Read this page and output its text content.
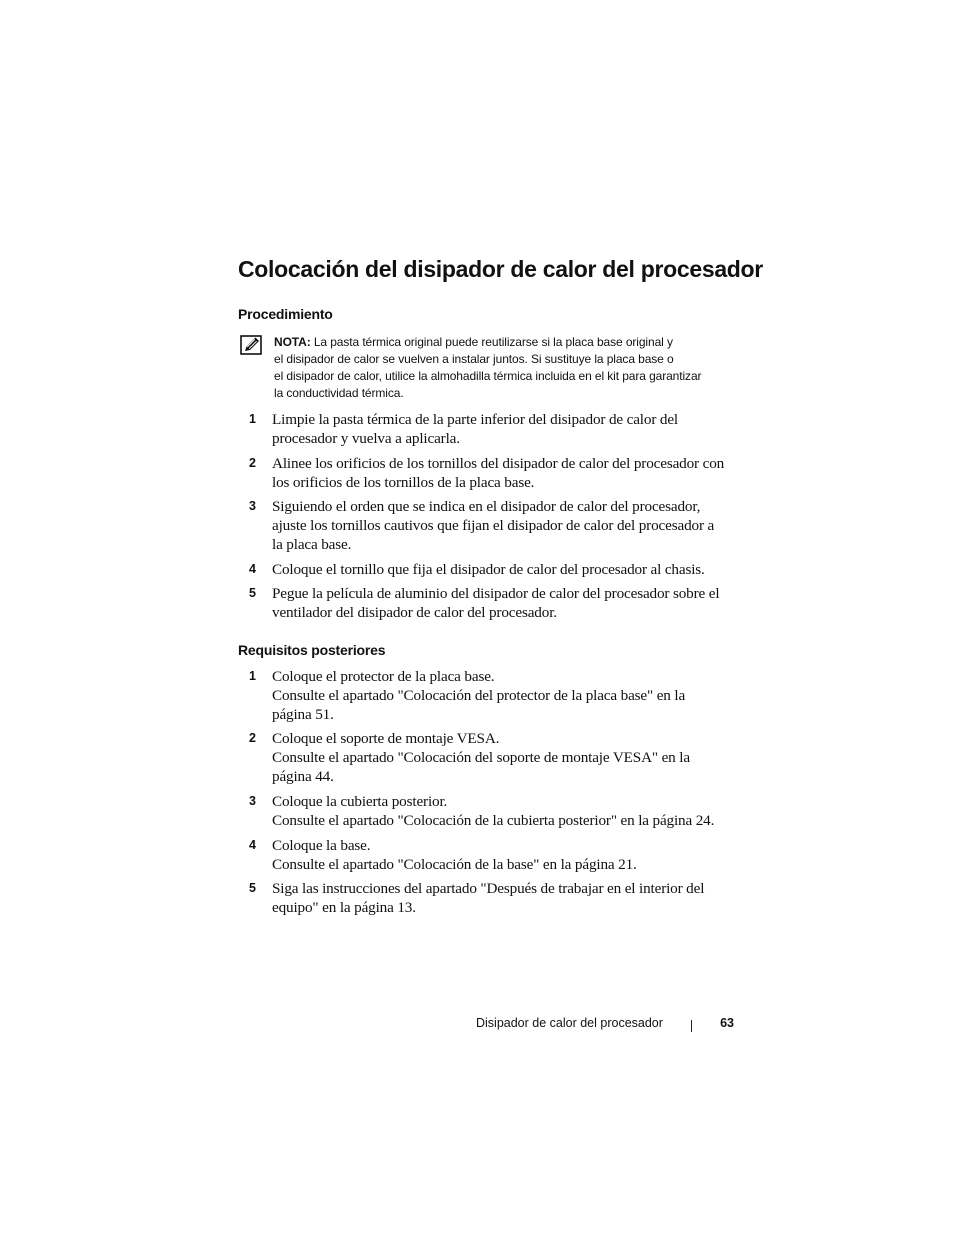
Colocación del disipador de calor del procesador
Procedimiento
NOTA: La pasta térmica original puede reutilizarse si la placa base original y
el disipador de calor se vuelven a instalar juntos. Si sustituye la placa base o
el disipador de calor, utilice la almohadilla térmica incluida en el kit para garantizar
la conductividad térmica.
1 Limpie la pasta térmica de la parte inferior del disipador de calor del
procesador y vuelva a aplicarla.
2 Alinee los orificios de los tornillos del disipador de calor del procesador con
los orificios de los tornillos de la placa base.
3 Siguiendo el orden que se indica en el disipador de calor del procesador,
ajuste los tornillos cautivos que fijan el disipador de calor del procesador a
la placa base.
4 Coloque el tornillo que fija el disipador de calor del procesador al chasis.
5 Pegue la película de aluminio del disipador de calor del procesador sobre el
ventilador del disipador de calor del procesador.
Requisitos posteriores
1 Coloque el protector de la placa base.
Consulte el apartado "Colocación del protector de la placa base" en la
página 51.
2 Coloque el soporte de montaje VESA.
Consulte el apartado "Colocación del soporte de montaje VESA" en la
página 44.
3 Coloque la cubierta posterior.
Consulte el apartado "Colocación de la cubierta posterior" en la página 24.
4 Coloque la base.
Consulte el apartado "Colocación de la base" en la página 21.
5 Siga las instrucciones del apartado "Después de trabajar en el interior del
equipo" en la página 13.
Disipador de calor del procesador	63
